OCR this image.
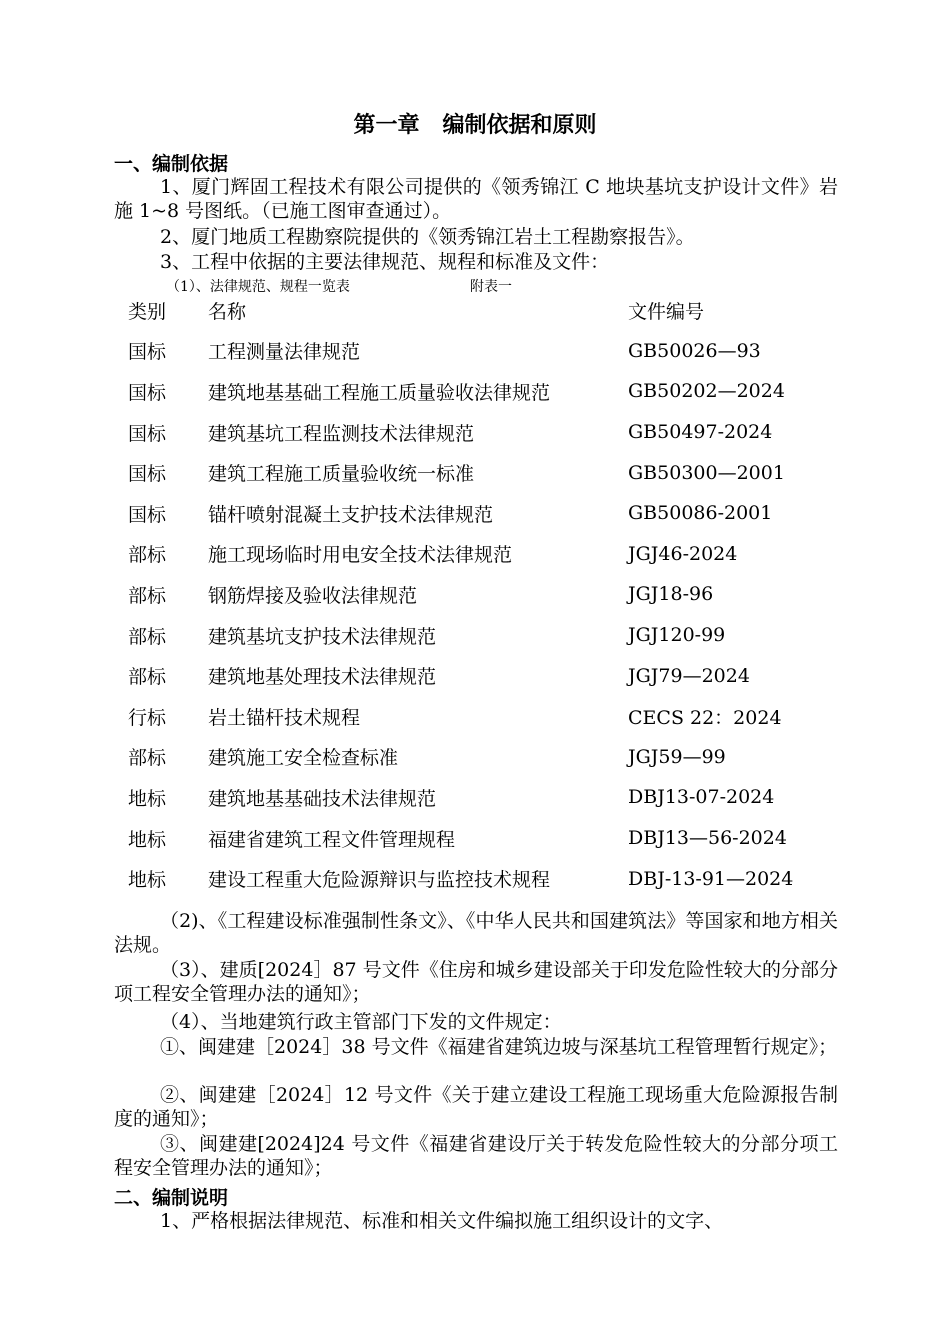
第一章   编制依据和原则
一、编制依据
1、厦门辉固工程技术有限公司提供的《领秀锦江 C 地块基坑支护设计文件》岩施 1~8 号图纸。（已施工图审查通过）。
2、厦门地质工程勘察院提供的《领秀锦江岩土工程勘察报告》。
3、工程中依据的主要法律规范、规程和标准及文件：
（1）、法律规范、规程一览表	附表一
类别	名称	文件编号
国标	工程测量法律规范	GB50026—93
国标	建筑地基基础工程施工质量验收法律规范	GB50202—2024
国标	建筑基坑工程监测技术法律规范	GB50497-2024
国标	建筑工程施工质量验收统一标准	GB50300—2001
国标	锚杆喷射混凝土支护技术法律规范	GB50086-2001
部标	施工现场临时用电安全技术法律规范	JGJ46-2024
部标	钢筋焊接及验收法律规范	JGJ18-96
部标	建筑基坑支护技术法律规范	JGJ120-99
部标	建筑地基处理技术法律规范	JGJ79—2024
行标	岩土锚杆技术规程	CECS 22：2024
部标	建筑施工安全检查标准	JGJ59—99
地标	建筑地基基础技术法律规范	DBJ13-07-2024
地标	福建省建筑工程文件管理规程	DBJ13—56-2024
地标	建设工程重大危险源辩识与监控技术规程	DBJ-13-91—2024
（2)、《工程建设标准强制性条文》、《中华人民共和国建筑法》等国家和地方相关法规。
（3）、建质[2024］87 号文件《住房和城乡建设部关于印发危险性较大的分部分项工程安全管理办法的通知》；
（4）、当地建筑行政主管部门下发的文件规定：
①、闽建建［2024］38 号文件《福建省建筑边坡与深基坑工程管理暂行规定》；
②、闽建建［2024］12 号文件《关于建立建设工程施工现场重大危险源报告制度的通知》；
③、闽建建[2024]24 号文件《福建省建设厅关于转发危险性较大的分部分项工程安全管理办法的通知》；
二、编制说明
1、严格根据法律规范、标准和相关文件编拟施工组织设计的文字、
